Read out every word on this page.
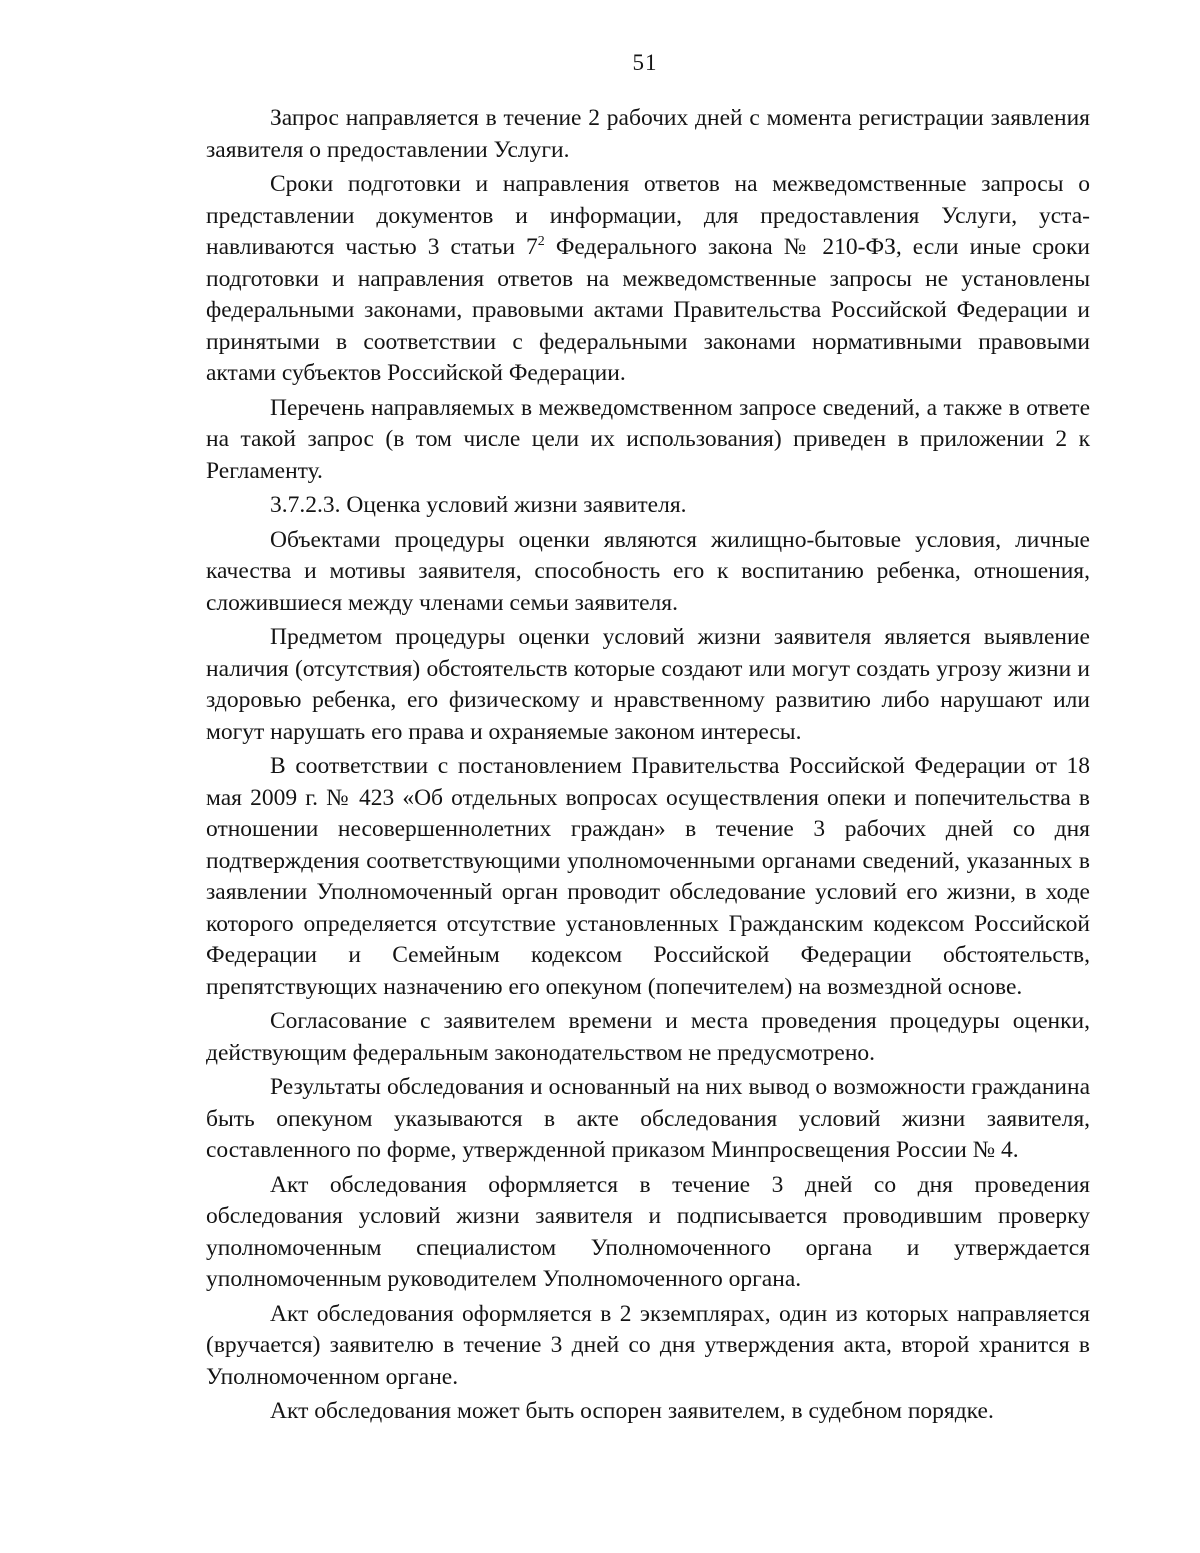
51

Запрос направляется в течение 2 рабочих дней с момента регистрации заявления заявителя о предоставлении Услуги.

Сроки подготовки и направления ответов на межведомственные запросы о представлении документов и информации, для предоставления Услуги, устанавливаются частью 3 статьи $7^2$ Федерального закона № 210-ФЗ, если иные сроки подготовки и направления ответов на межведомственные запросы не установлены федеральными законами, правовыми актами Правительства Российской Федерации и принятыми в соответствии с федеральными законами нормативными правовыми актами субъектов Российской Федерации.

Перечень направляемых в межведомственном запросе сведений, а также в ответе на такой запрос (в том числе цели их использования) приведен в приложении 2 к Регламенту.

3.7.2.3. Оценка условий жизни заявителя.

Объектами процедуры оценки являются жилищно-бытовые условия, личные качества и мотивы заявителя, способность его к воспитанию ребенка, отношения, сложившиеся между членами семьи заявителя.

Предметом процедуры оценки условий жизни заявителя является выявление наличия (отсутствия) обстоятельств которые создают или могут создать угрозу жизни и здоровью ребенка, его физическому и нравственному развитию либо нарушают или могут нарушать его права и охраняемые законом интересы.

В соответствии с постановлением Правительства Российской Федерации от 18 мая 2009 г. № 423 «Об отдельных вопросах осуществления опеки и попечительства в отношении несовершеннолетних граждан» в течение 3 рабочих дней со дня подтверждения соответствующими уполномоченными органами сведений, указанных в заявлении Уполномоченный орган проводит обследование условий его жизни, в ходе которого определяется отсутствие установленных Гражданским кодексом Российской Федерации и Семейным кодексом Российской Федерации обстоятельств, препятствующих назначению его опекуном (попечителем) на возмездной основе.

Согласование с заявителем времени и места проведения процедуры оценки, действующим федеральным законодательством не предусмотрено.

Результаты обследования и основанный на них вывод о возможности гражданина быть опекуном указываются в акте обследования условий жизни заявителя, составленного по форме, утвержденной приказом Минпросвещения России № 4.

Акт обследования оформляется в течение 3 дней со дня проведения обследования условий жизни заявителя и подписывается проводившим проверку уполномоченным специалистом Уполномоченного органа и утверждается уполномоченным руководителем Уполномоченного органа.

Акт обследования оформляется в 2 экземплярах, один из которых направляется (вручается) заявителю в течение 3 дней со дня утверждения акта, второй хранится в Уполномоченном органе.

Акт обследования может быть оспорен заявителем, в судебном порядке.
